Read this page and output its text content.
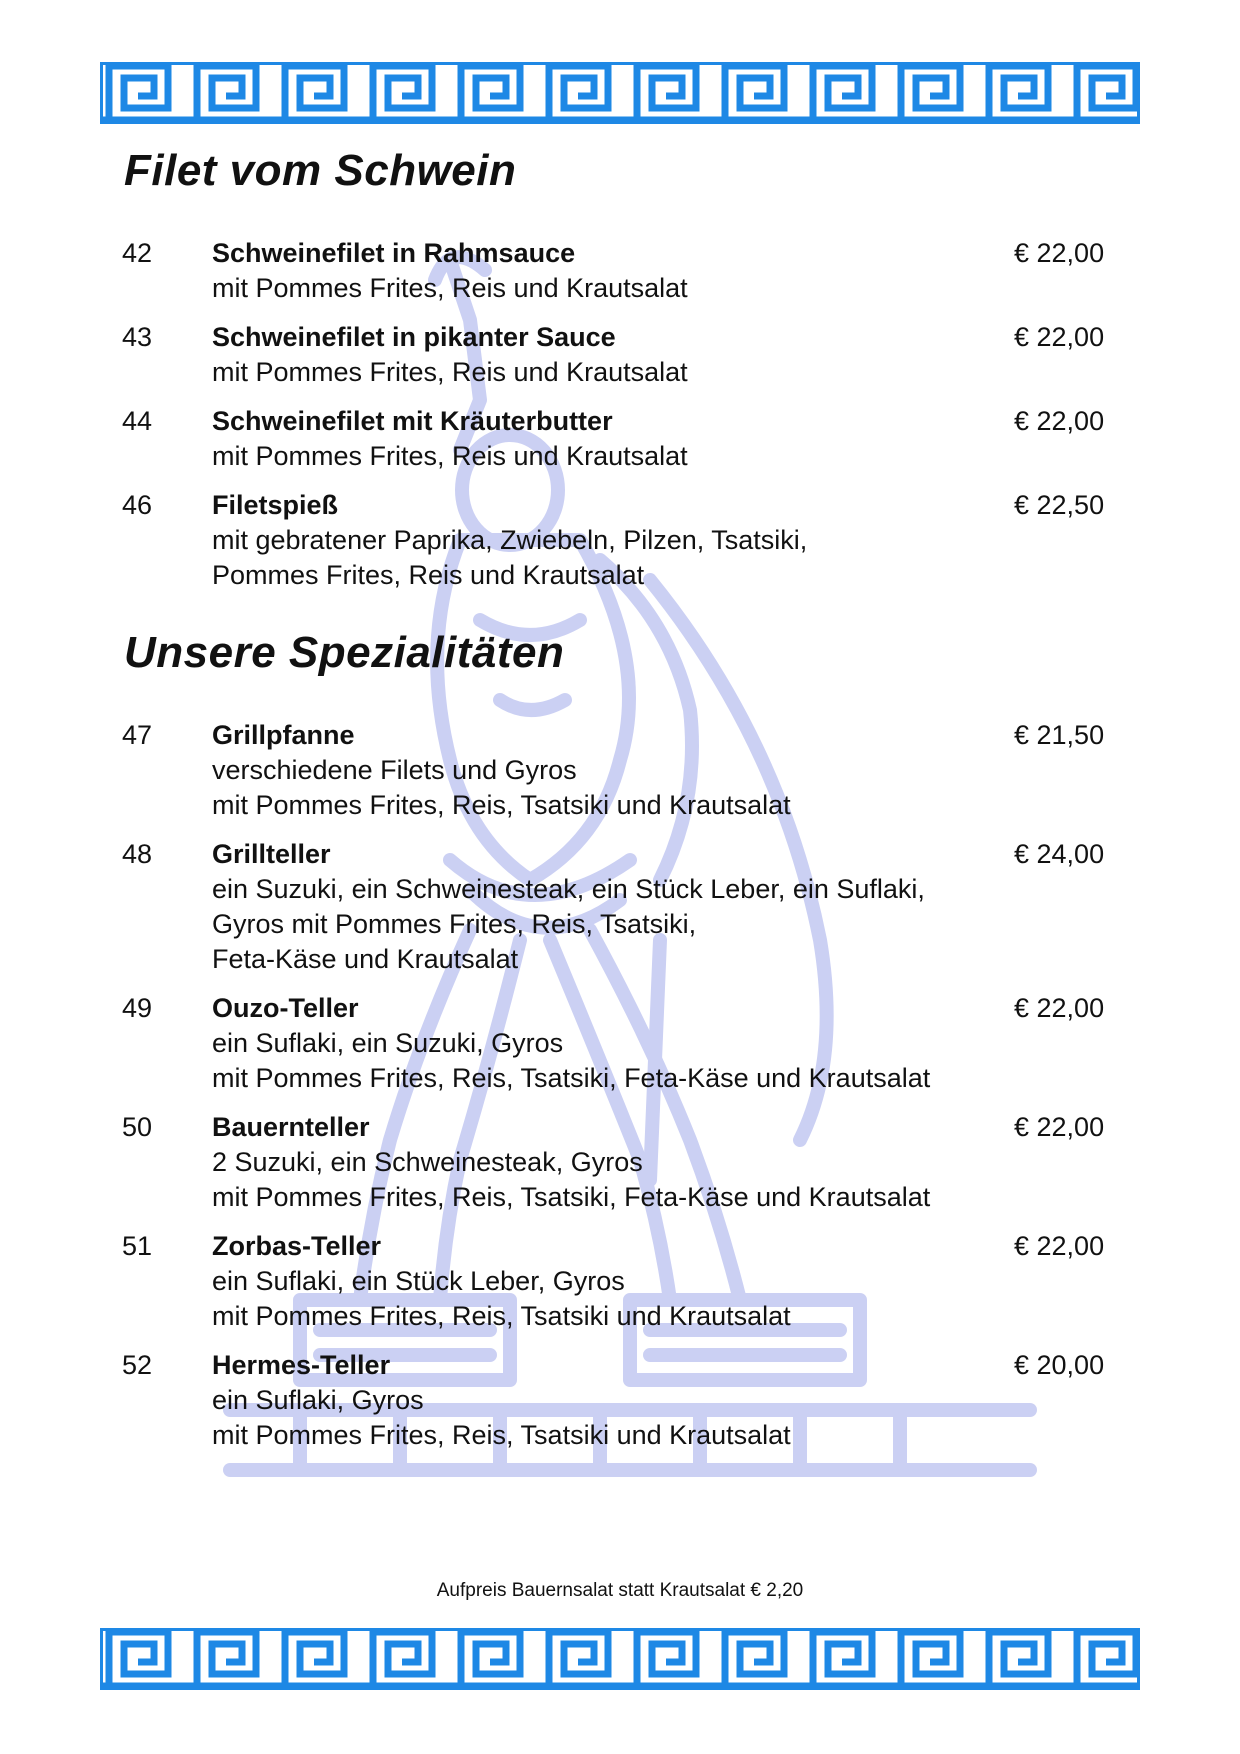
Filet vom Schwein
42 Schweinefilet in Rahmsauce	€ 22,00
mit Pommes Frites, Reis und Krautsalat
43 Schweinefilet in pikanter Sauce	€ 22,00
mit Pommes Frites, Reis und Krautsalat
44 Schweinefilet mit Kräuterbutter	€ 22,00
mit Pommes Frites, Reis und Krautsalat
46 Filetspieß	€ 22,50
mit gebratener Paprika, Zwiebeln, Pilzen, Tsatsiki,
Pommes Frites, Reis und Krautsalat
Unsere Spezialitäten
47 Grillpfanne	€ 21,50
verschiedene Filets und Gyros
mit Pommes Frites, Reis, Tsatsiki und Krautsalat
48 Grillteller	€ 24,00
ein Suzuki, ein Schweinesteak, ein Stück Leber, ein Suflaki,
Gyros mit Pommes Frites, Reis, Tsatsiki,
Feta-Käse und Krautsalat
49 Ouzo-Teller	€ 22,00
ein Suflaki, ein Suzuki, Gyros
mit Pommes Frites, Reis, Tsatsiki, Feta-Käse und Krautsalat
50 Bauernteller	€ 22,00
2 Suzuki, ein Schweinesteak, Gyros
mit Pommes Frites, Reis, Tsatsiki, Feta-Käse und Krautsalat
51 Zorbas-Teller	€ 22,00
ein Suflaki, ein Stück Leber, Gyros
mit Pommes Frites, Reis, Tsatsiki und Krautsalat
52 Hermes-Teller	€ 20,00
ein Suflaki, Gyros
mit Pommes Frites, Reis, Tsatsiki und Krautsalat
Aufpreis Bauernsalat statt Krautsalat € 2,20
